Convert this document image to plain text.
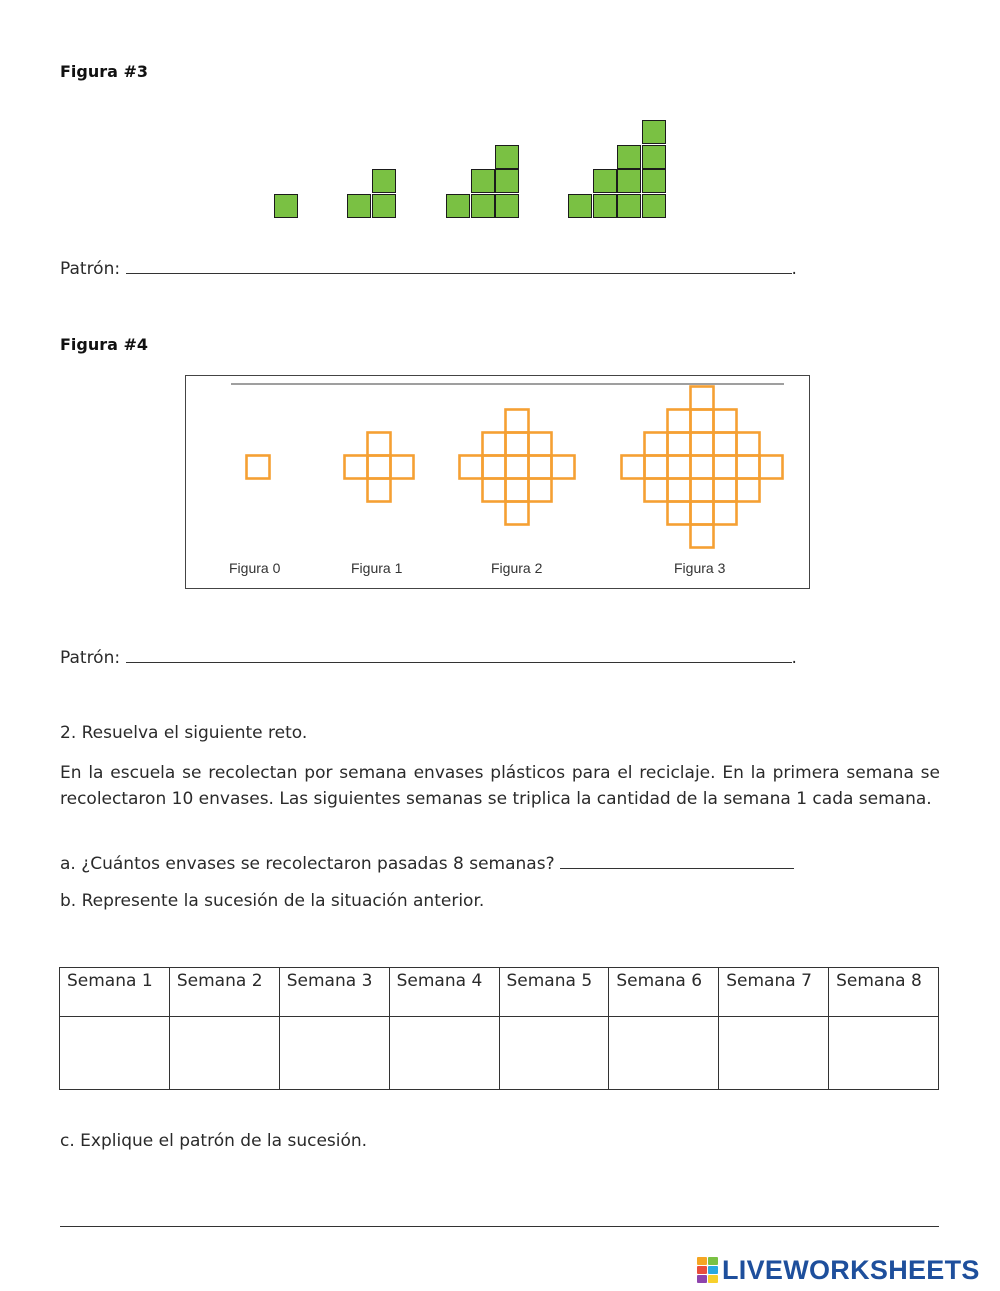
Figura #3
Patrón:	.
Figura #4
Figura 0	Figura 1	Figura 2	Figura 3
Patrón:	.
2. Resuelva el siguiente reto.
En la escuela se recolectan por semana envases plásticos para el reciclaje. En la primera semana se recolectaron 10 envases. Las siguientes semanas se triplica la cantidad de la semana 1 cada semana.
a. ¿Cuántos envases se recolectaron pasadas 8 semanas?
b. Represente la sucesión de la situación anterior.
Semana 1	Semana 2	Semana 3	Semana 4	Semana 5	Semana 6	Semana 7	Semana 8

c. Explique el patrón de la sucesión.
LIVEWORKSHEETS
